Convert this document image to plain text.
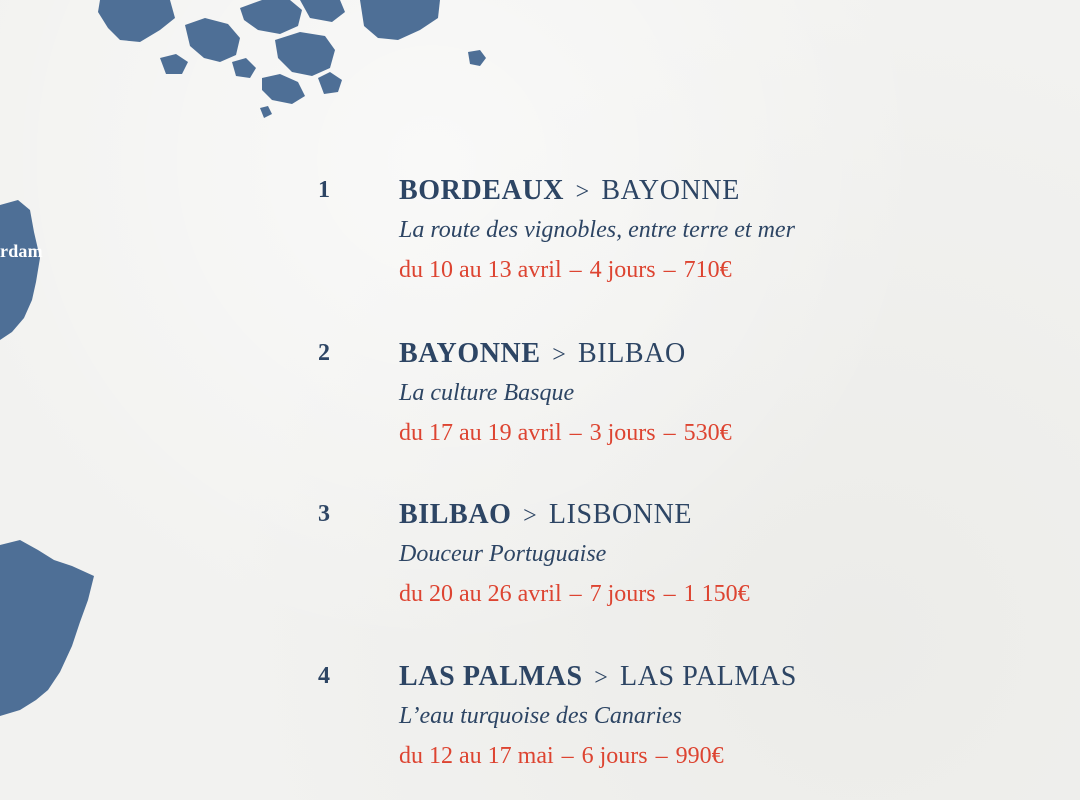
rdam
1	BORDEAUX > BAYONNE
La route des vignobles, entre terre et mer
du 10 au 13 avril – 4 jours – 710€
2	BAYONNE > BILBAO
La culture Basque
du 17 au 19 avril – 3 jours – 530€
3	BILBAO > LISBONNE
Douceur Portuguaise
du 20 au 26 avril – 7 jours – 1 150€
4	LAS PALMAS > LAS PALMAS
L’eau turquoise des Canaries
du 12 au 17 mai – 6 jours – 990€
